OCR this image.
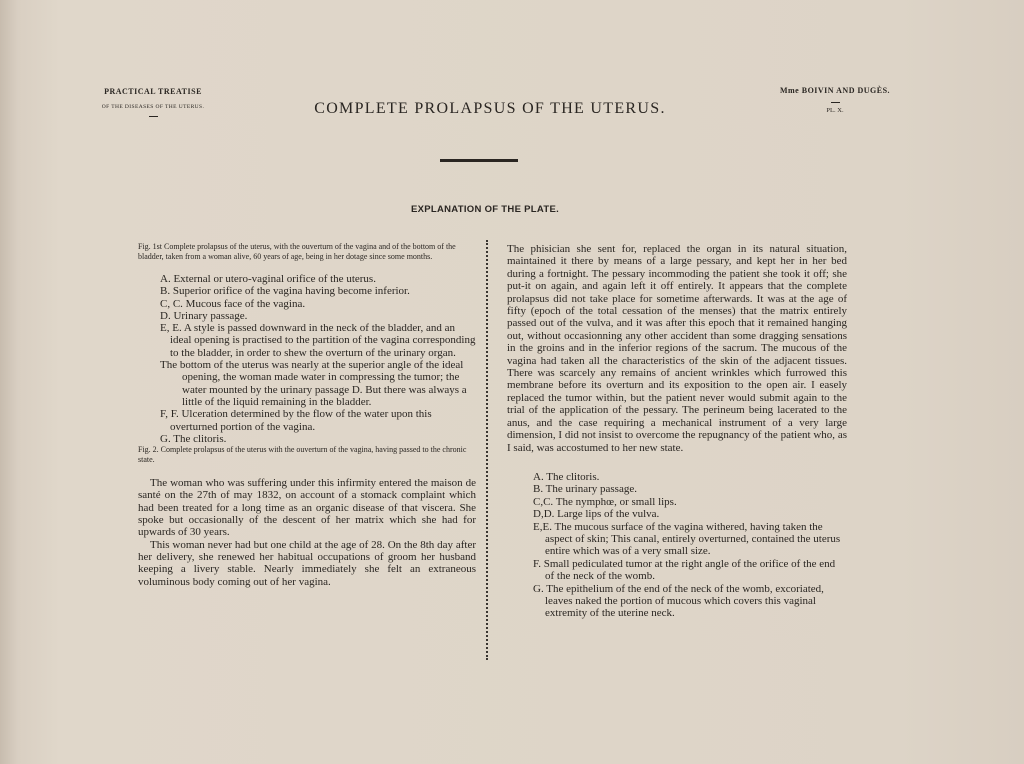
PRACTICAL TREATISE
OF THE DISEASES OF THE UTERUS.	COMPLETE PROLAPSUS OF THE UTERUS.
Mme BOIVIN AND DUGÈS.
PL. X.
EXPLANATION OF THE PLATE.

Fig. 1st Complete prolapsus of the uterus, with the ouverturn of the vagina and of the bottom of the bladder, taken from a woman alive, 60 years of age, being in her dotage since some months.

A. External or utero-vaginal orifice of the uterus.

B. Superior orifice of the vagina having become inferior.

C, C. Mucous face of the vagina.

D. Urinary passage.

E, E. A style is passed downward in the neck of the bladder, and an ideal opening is practised to the partition of the vagina corresponding to the bladder, in order to shew the overturn of the urinary organ.

The bottom of the uterus was nearly at the superior angle of the ideal opening, the woman made water in compressing the tumor; the water mounted by the urinary passage D. But there was always a little of the liquid remaining in the bladder.

F, F. Ulceration determined by the flow of the water upon this overturned portion of the vagina.

G. The clitoris.

Fig. 2. Complete prolapsus of the uterus with the ouverturn of the vagina, having passed to the chronic state.

The woman who was suffering under this infirmity entered the maison de santé on the 27th of may 1832, on account of a stomack complaint which had been treated for a long time as an organic disease of that viscera. She spoke but occasionally of the descent of her matrix which she had for upwards of 30 years.

This woman never had but one child at the age of 28. On the 8th day after her delivery, she renewed her habitual occupations of groom her husband keeping a livery stable. Nearly immediately she felt an extraneous voluminous body coming out of her vagina.

The phisician she sent for, replaced the organ in its natural situation, maintained it there by means of a large pessary, and kept her in her bed during a fortnight. The pessary incommoding the patient she took it off; she put-it on again, and again left it off entirely. It appears that the complete prolapsus did not take place for sometime afterwards. It was at the age of fifty (epoch of the total cessation of the menses) that the matrix entirely passed out of the vulva, and it was after this epoch that it remained hanging out, without occasionning any other accident than some dragging sensations in the groins and in the inferior regions of the sacrum. The mucous of the vagina had taken all the characteristics of the skin of the adjacent tissues. There was scarcely any remains of ancient wrinkles which furrowed this membrane before its overturn and its exposition to the open air. I easely replaced the tumor within, but the patient never would submit again to the trial of the application of the pessary. The perineum being lacerated to the anus, and the case requiring a mechanical instrument of a very large dimension, I did not insist to overcome the repugnancy of the patient who, as I said, was accostumed to her new state.

A. The clitoris.

B. The urinary passage.

C,C. The nymphœ, or small lips.

D,D. Large lips of the vulva.

E,E. The mucous surface of the vagina withered, having taken the aspect of skin; This canal, entirely overturned, contained the uterus entire which was of a very small size.

F. Small pediculated tumor at the right angle of the orifice of the end of the neck of the womb.

G. The epithelium of the end of the neck of the womb, excoriated, leaves naked the portion of mucous which covers this vaginal extremity of the uterine neck.
